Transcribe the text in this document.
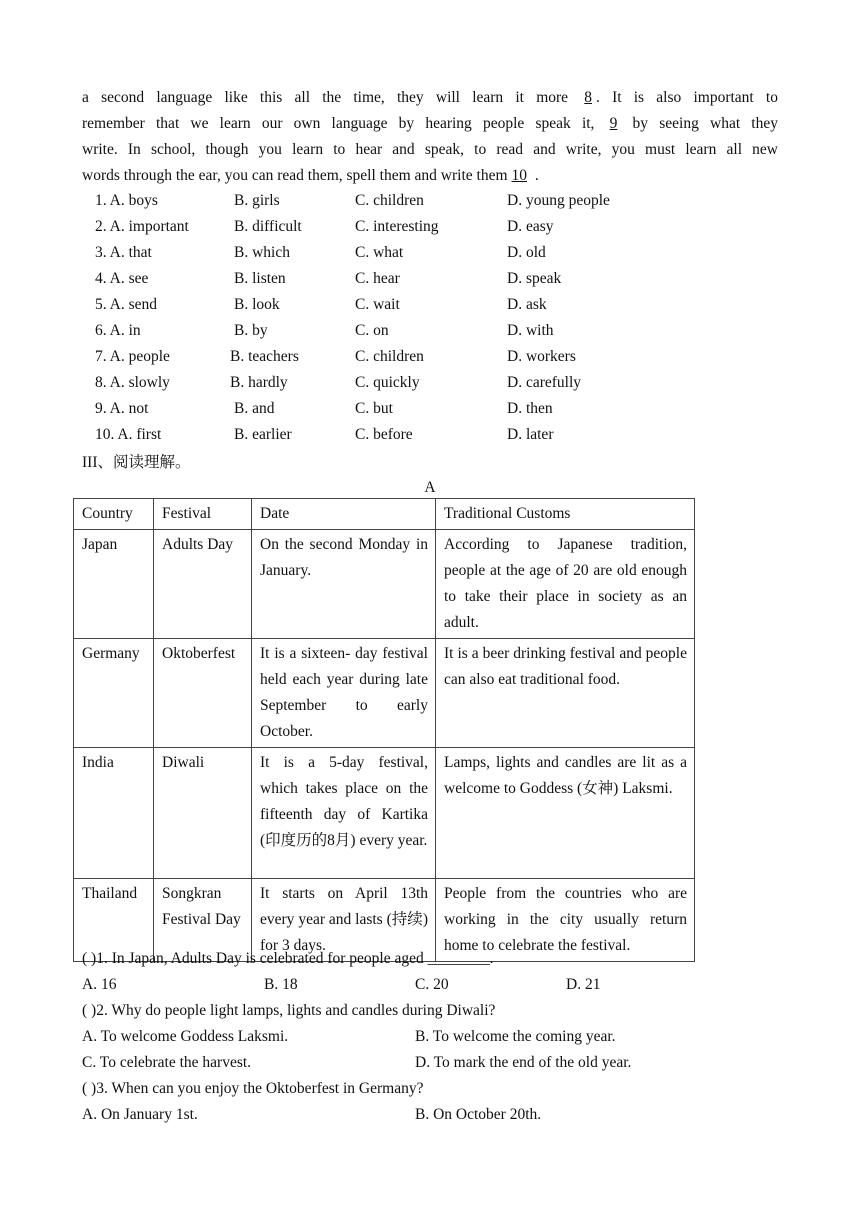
a second language like this all the time, they will learn it more 8 . It is also important to
remember that we learn our own language by hearing people speak it, 9 by seeing what they
write. In school, though you learn to hear and speak, to read and write, you must learn all new
words through the ear, you can read them, spell them and write them 10 .
1. A. boys	B. girls	C. children	D. young people
2. A. important	B. difficult	C. interesting	D. easy
3. A. that	B. which	C. what	D. old
4. A. see	B. listen	C. hear	D. speak
5. A. send	B. look	C. wait	D. ask
6. A. in	B. by	C. on	D. with
7. A. people	B. teachers	C. children	D. workers
8. A. slowly	B. hardly	C. quickly	D. carefully
9. A. not	B. and	C. but	D. then
10. A. first	B. earlier	C. before	D. later
III、阅读理解。
A
Country	Festival	Date	Traditional Customs
Japan	Adults Day	On the second Monday in January.	According to Japanese tradition, people at the age of 20 are old enough to take their place in society as an adult.
Germany	Oktoberfest	It is a sixteen- day festival held each year during late September to early October.	It is a beer drinking festival and people can also eat traditional food.
India	Diwali	It is a 5-day festival, which takes place on the fifteenth day of Kartika (印度历的8月) every year.	Lamps, lights and candles are lit as a welcome to Goddess (女神) Laksmi.
Thailand	Songkran Festival Day	It starts on April 13th every year and lasts (持续) for 3 days.	People from the countries who are working in the city usually return home to celebrate the festival.
( )1. In Japan, Adults Day is celebrated for people aged ________.
A. 16	B. 18	C. 20	D. 21
( )2. Why do people light lamps, lights and candles during Diwali?
A. To welcome Goddess Laksmi.	B. To welcome the coming year.
C. To celebrate the harvest.	D. To mark the end of the old year.
( )3. When can you enjoy the Oktoberfest in Germany?
A. On January 1st.	B. On October 20th.
